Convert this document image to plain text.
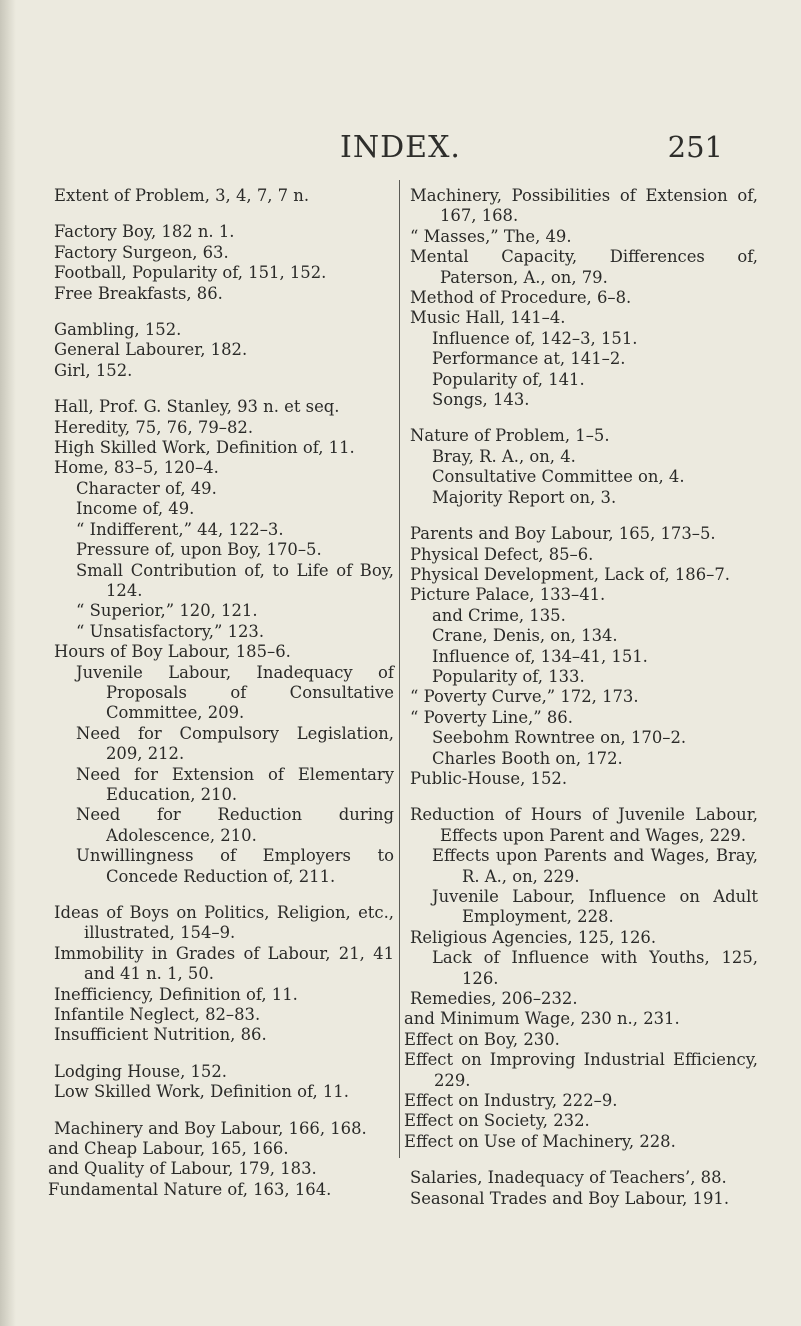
INDEX.	251
Extent of Problem, 3, 4, 7, 7 n.
Factory Boy, 182 n. 1.
Factory Surgeon, 63.
Football, Popularity of, 151, 152.
Free Breakfasts, 86.
Gambling, 152.
General Labourer, 182.
Girl, 152.
Hall, Prof. G. Stanley, 93 n. et seq.
Heredity, 75, 76, 79–82.
High Skilled Work, Definition of, 11.
Home, 83–5, 120–4.
Character of, 49.
Income of, 49.
“ Indifferent,” 44, 122–3.
Pressure of, upon Boy, 170–5.
Small Contribution of, to Life of Boy, 124.
“ Superior,” 120, 121.
“ Unsatisfactory,” 123.
Hours of Boy Labour, 185–6.
Juvenile Labour, Inadequacy of Proposals of Consultative Committee, 209.
Need for Compulsory Legislation, 209, 212.
Need for Extension of Elementary Education, 210.
Need for Reduction during Adolescence, 210.
Unwillingness of Employers to Concede Reduction of, 211.
Ideas of Boys on Politics, Religion, etc., illustrated, 154–9.
Immobility in Grades of Labour, 21, 41 and 41 n. 1, 50.
Inefficiency, Definition of, 11.
Infantile Neglect, 82–83.
Insufficient Nutrition, 86.
Lodging House, 152.
Low Skilled Work, Definition of, 11.
Machinery and Boy Labour, 166, 168.
and Cheap Labour, 165, 166.
and Quality of Labour, 179, 183.
Fundamental Nature of, 163, 164.
Machinery, Possibilities of Extension of, 167, 168.
“ Masses,” The, 49.
Mental Capacity, Differences of, Paterson, A., on, 79.
Method of Procedure, 6–8.
Music Hall, 141–4.
Influence of, 142–3, 151.
Performance at, 141–2.
Popularity of, 141.
Songs, 143.
Nature of Problem, 1–5.
Bray, R. A., on, 4.
Consultative Committee on, 4.
Majority Report on, 3.
Parents and Boy Labour, 165, 173–5.
Physical Defect, 85–6.
Physical Development, Lack of, 186–7.
Picture Palace, 133–41.
and Crime, 135.
Crane, Denis, on, 134.
Influence of, 134–41, 151.
Popularity of, 133.
“ Poverty Curve,” 172, 173.
“ Poverty Line,” 86.
Seebohm Rowntree on, 170–2.
Charles Booth on, 172.
Public-House, 152.
Reduction of Hours of Juvenile Labour, Effects upon Parent and Wages, 229.
Effects upon Parents and Wages, Bray, R. A., on, 229.
Juvenile Labour, Influence on Adult Employment, 228.
Religious Agencies, 125, 126.
Lack of Influence with Youths, 125, 126.
Remedies, 206–232.
and Minimum Wage, 230 n., 231.
Effect on Boy, 230.
Effect on Improving Industrial Efficiency, 229.
Effect on Industry, 222–9.
Effect on Society, 232.
Effect on Use of Machinery, 228.
Salaries, Inadequacy of Teachers’, 88.
Seasonal Trades and Boy Labour, 191.
